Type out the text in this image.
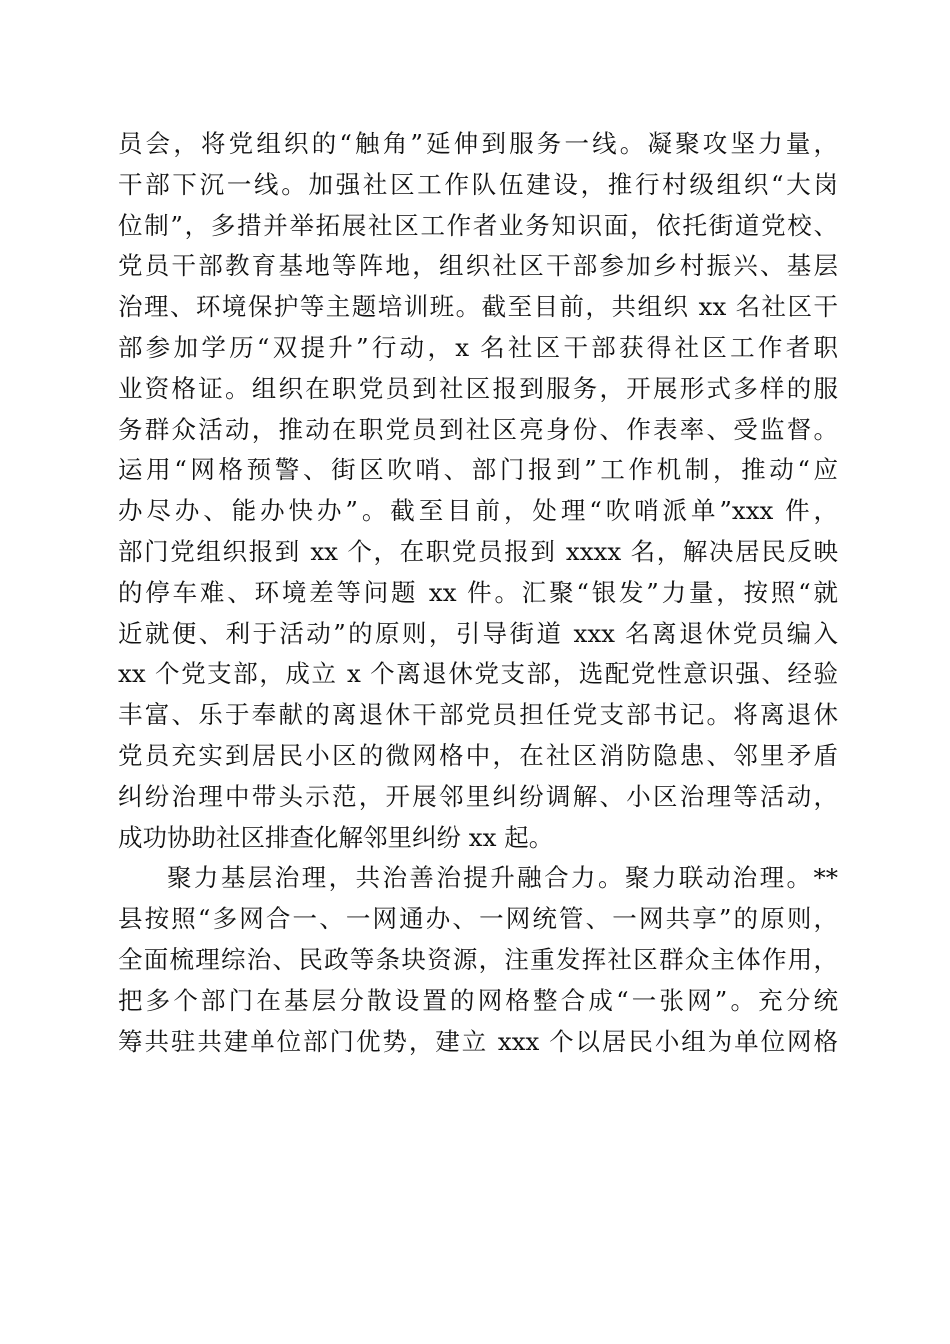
员会，将党组织的“触角”延伸到服务一线。凝聚攻坚力量，
干部下沉一线。加强社区工作队伍建设，推行村级组织“大岗
位制”，多措并举拓展社区工作者业务知识面，依托街道党校、
党员干部教育基地等阵地，组织社区干部参加乡村振兴、基层
治理、环境保护等主题培训班。截至目前，共组织 xx 名社区干
部参加学历“双提升”行动，x 名社区干部获得社区工作者职
业资格证。组织在职党员到社区报到服务，开展形式多样的服
务群众活动，推动在职党员到社区亮身份、作表率、受监督。
运用“网格预警、街区吹哨、部门报到”工作机制，推动“应
办尽办、能办快办”。截至目前，处理“吹哨派单”xxx 件，
部门党组织报到 xx 个，在职党员报到 xxxx 名，解决居民反映
的停车难、环境差等问题 xx 件。汇聚“银发”力量，按照“就
近就便、利于活动”的原则，引导街道 xxx 名离退休党员编入
xx 个党支部，成立 x 个离退休党支部，选配党性意识强、经验
丰富、乐于奉献的离退休干部党员担任党支部书记。将离退休
党员充实到居民小区的微网格中，在社区消防隐患、邻里矛盾
纠纷治理中带头示范，开展邻里纠纷调解、小区治理等活动，
成功协助社区排查化解邻里纠纷 xx 起。
聚力基层治理，共治善治提升融合力。聚力联动治理。**
县按照“多网合一、一网通办、一网统管、一网共享”的原则，
全面梳理综治、民政等条块资源，注重发挥社区群众主体作用，
把多个部门在基层分散设置的网格整合成“一张网”。充分统
筹共驻共建单位部门优势，建立 xxx 个以居民小组为单位网格
